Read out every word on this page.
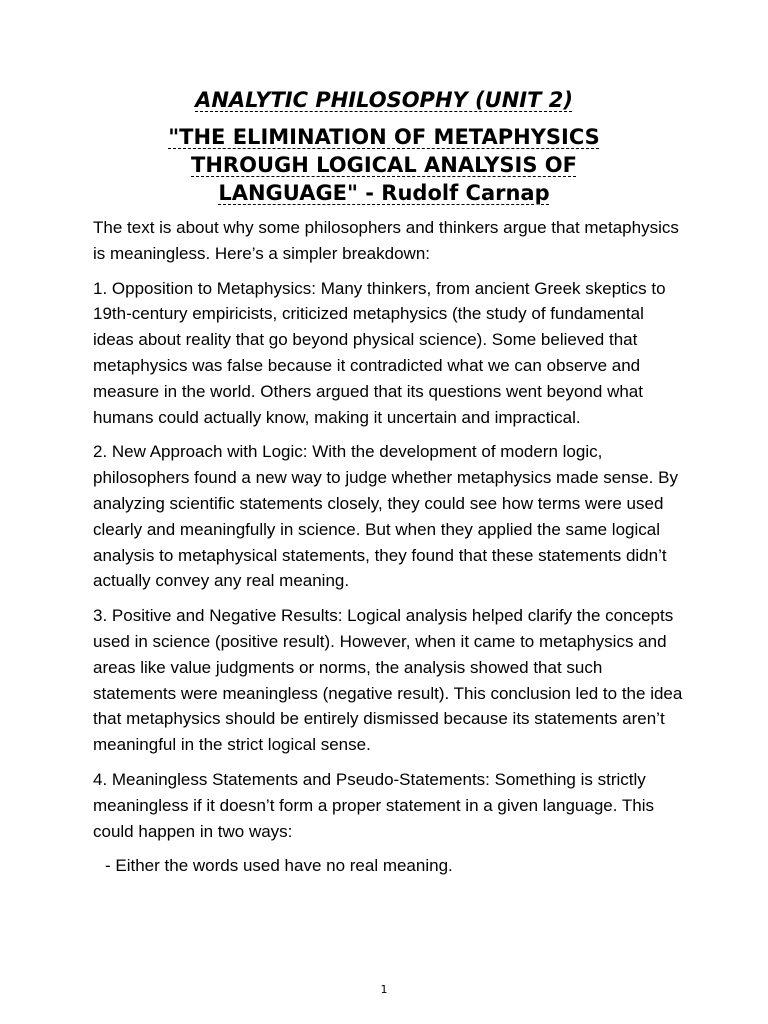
ANALYTIC PHILOSOPHY (UNIT 2)
"THE ELIMINATION OF METAPHYSICS THROUGH LOGICAL ANALYSIS OF LANGUAGE" - Rudolf Carnap

The text is about why some philosophers and thinkers argue that metaphysics is meaningless. Here’s a simpler breakdown:

1. Opposition to Metaphysics: Many thinkers, from ancient Greek skeptics to 19th-century empiricists, criticized metaphysics (the study of fundamental ideas about reality that go beyond physical science). Some believed that metaphysics was false because it contradicted what we can observe and measure in the world. Others argued that its questions went beyond what humans could actually know, making it uncertain and impractical.

2. New Approach with Logic: With the development of modern logic, philosophers found a new way to judge whether metaphysics made sense. By analyzing scientific statements closely, they could see how terms were used clearly and meaningfully in science. But when they applied the same logical analysis to metaphysical statements, they found that these statements didn’t actually convey any real meaning.

3. Positive and Negative Results: Logical analysis helped clarify the concepts used in science (positive result). However, when it came to metaphysics and areas like value judgments or norms, the analysis showed that such statements were meaningless (negative result). This conclusion led to the idea that metaphysics should be entirely dismissed because its statements aren’t meaningful in the strict logical sense.

4. Meaningless Statements and Pseudo-Statements: Something is strictly meaningless if it doesn’t form a proper statement in a given language. This could happen in two ways:

- Either the words used have no real meaning.

1
